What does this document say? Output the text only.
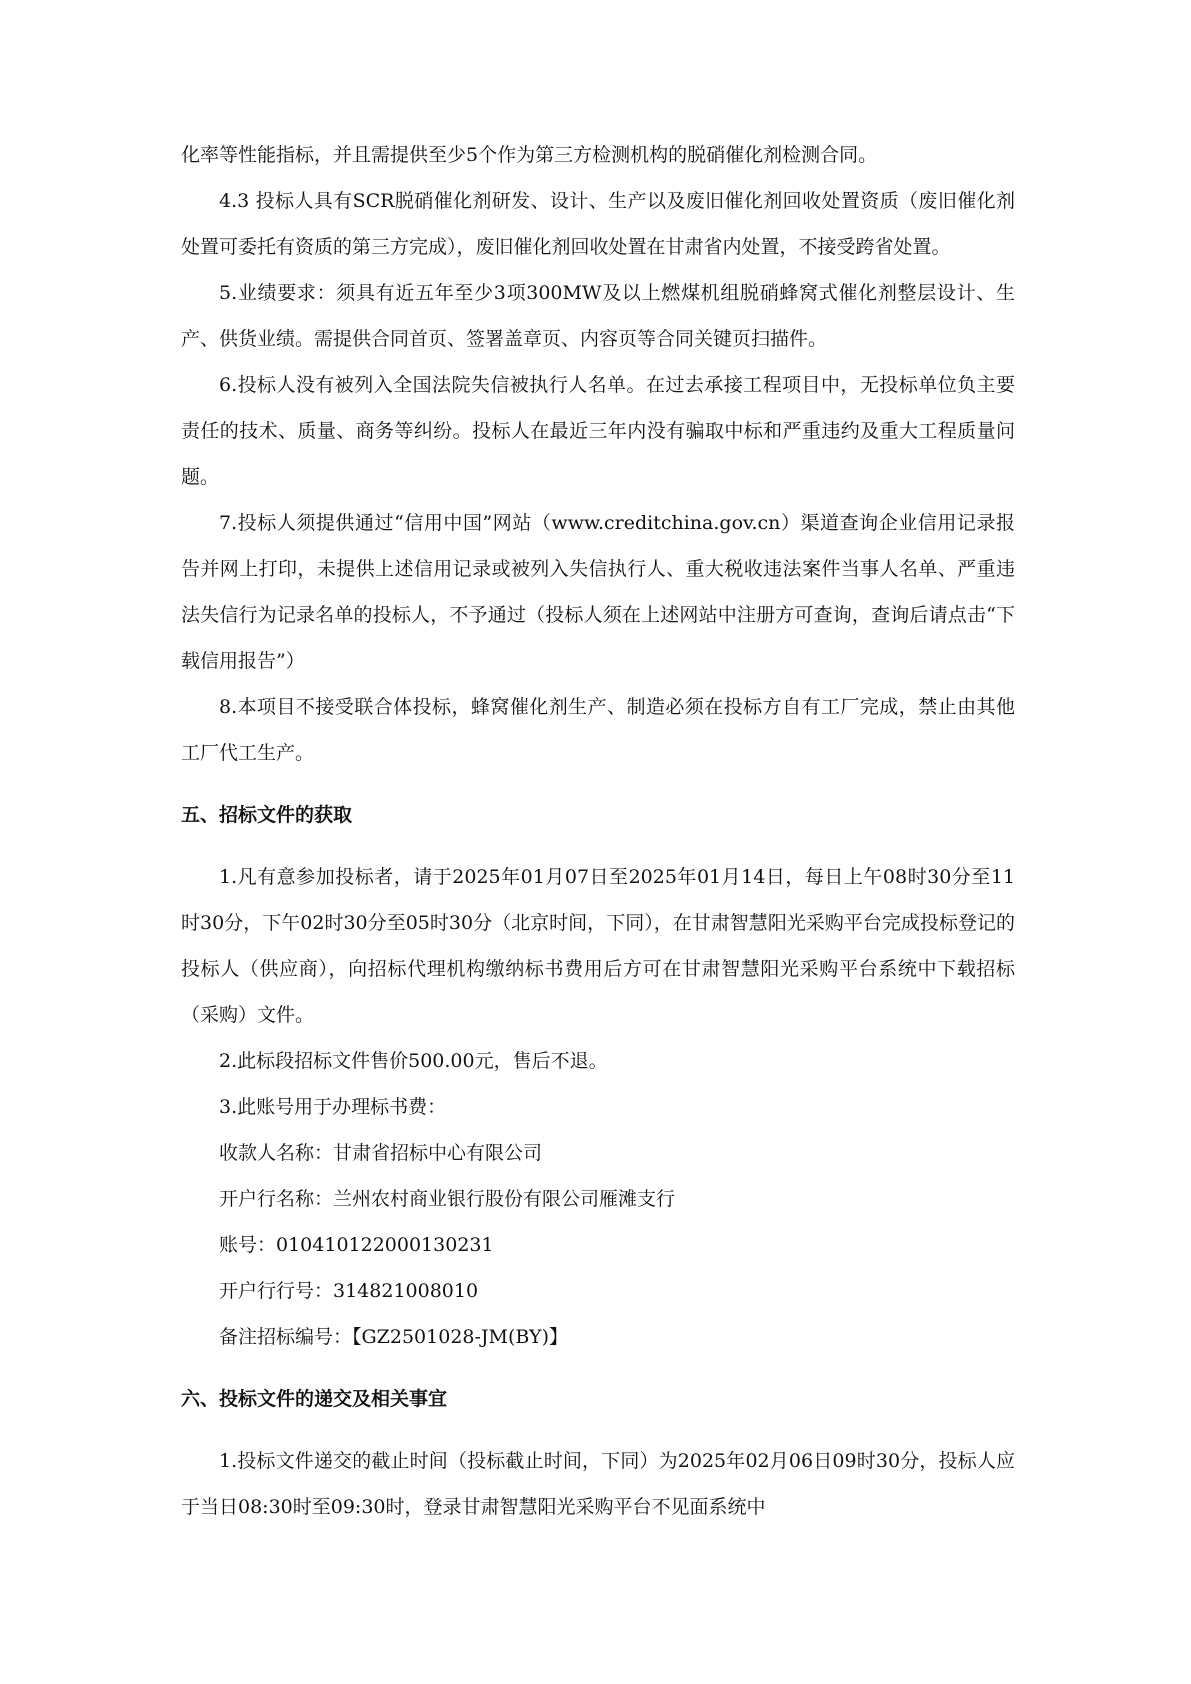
化率等性能指标，并且需提供至少5个作为第三方检测机构的脱硝催化剂检测合同。

4.3 投标人具有SCR脱硝催化剂研发、设计、生产以及废旧催化剂回收处置资质（废旧催化剂处置可委托有资质的第三方完成），废旧催化剂回收处置在甘肃省内处置，不接受跨省处置。

5.业绩要求：须具有近五年至少3项300MW及以上燃煤机组脱硝蜂窝式催化剂整层设计、生产、供货业绩。需提供合同首页、签署盖章页、内容页等合同关键页扫描件。

6.投标人没有被列入全国法院失信被执行人名单。在过去承接工程项目中，无投标单位负主要责任的技术、质量、商务等纠纷。投标人在最近三年内没有骗取中标和严重违约及重大工程质量问题。

7.投标人须提供通过“信用中国”网站（www.creditchina.gov.cn）渠道查询企业信用记录报告并网上打印，未提供上述信用记录或被列入失信执行人、重大税收违法案件当事人名单、严重违法失信行为记录名单的投标人，不予通过（投标人须在上述网站中注册方可查询，查询后请点击“下载信用报告”）

8.本项目不接受联合体投标，蜂窝催化剂生产、制造必须在投标方自有工厂完成，禁止由其他工厂代工生产。

五、招标文件的获取

1.凡有意参加投标者，请于2025年01月07日至2025年01月14日，每日上午08时30分至11时30分，下午02时30分至05时30分（北京时间，下同），在甘肃智慧阳光采购平台完成投标登记的投标人（供应商），向招标代理机构缴纳标书费用后方可在甘肃智慧阳光采购平台系统中下载招标（采购）文件。

2.此标段招标文件售价500.00元，售后不退。

3.此账号用于办理标书费：

收款人名称：甘肃省招标中心有限公司

开户行名称：兰州农村商业银行股份有限公司雁滩支行

账号：010410122000130231

开户行行号：314821008010

备注招标编号：【GZ2501028-JM(BY)】

六、投标文件的递交及相关事宜

1.投标文件递交的截止时间（投标截止时间，下同）为2025年02月06日09时30分，投标人应于当日08:30时至09:30时，登录甘肃智慧阳光采购平台不见面系统中
